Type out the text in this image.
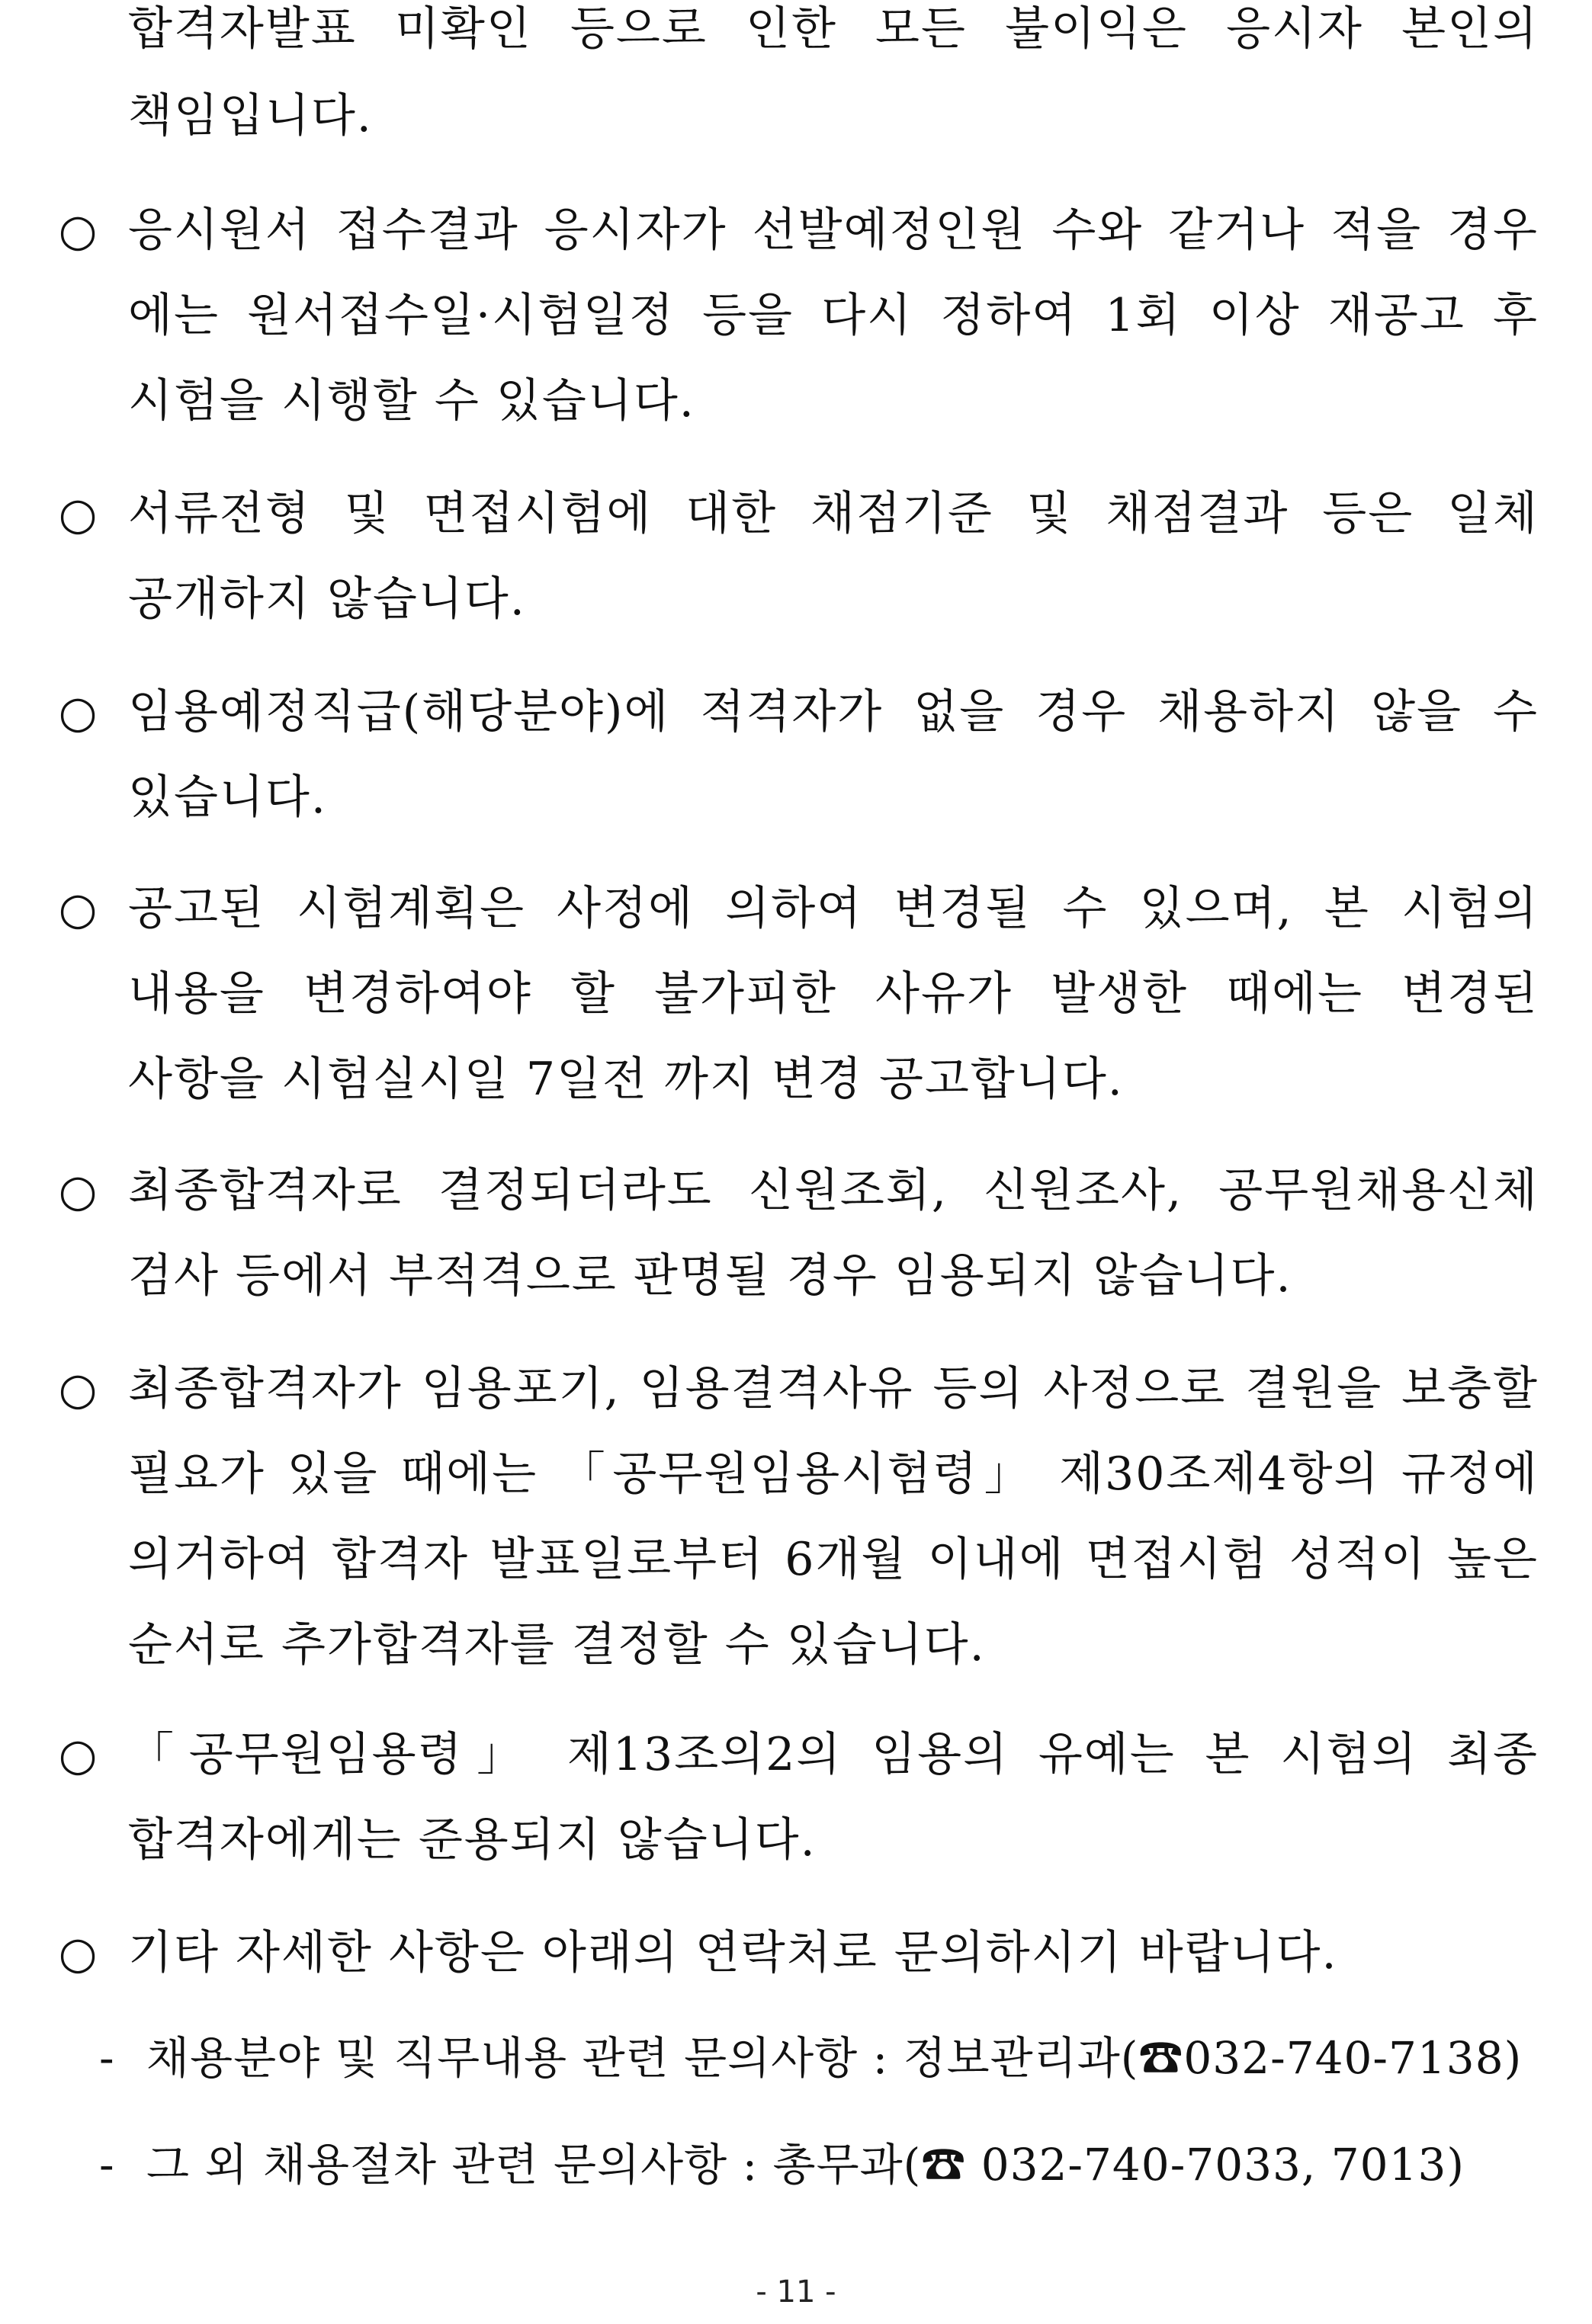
합격자발표 미확인 등으로 인한 모든 불이익은 응시자 본인의
책임입니다.
○ 응시원서 접수결과 응시자가 선발예정인원 수와 같거나 적을 경우
에는 원서접수일·시험일정 등을 다시 정하여 1회 이상 재공고 후
시험을 시행할 수 있습니다.
○ 서류전형 및 면접시험에 대한 채점기준 및 채점결과 등은 일체
공개하지 않습니다.
○ 임용예정직급(해당분야)에 적격자가 없을 경우 채용하지 않을 수
있습니다.
○ 공고된 시험계획은 사정에 의하여 변경될 수 있으며, 본 시험의
내용을 변경하여야 할 불가피한 사유가 발생한 때에는 변경된
사항을 시험실시일 7일전 까지 변경 공고합니다.
○ 최종합격자로 결정되더라도 신원조회, 신원조사, 공무원채용신체
검사 등에서 부적격으로 판명될 경우 임용되지 않습니다.
○ 최종합격자가 임용포기, 임용결격사유 등의 사정으로 결원을 보충할
필요가 있을 때에는 「공무원임용시험령」 제30조제4항의 규정에
의거하여 합격자 발표일로부터 6개월 이내에 면접시험 성적이 높은
순서로 추가합격자를 결정할 수 있습니다.
○ 「공무원임용령」 제13조의2의 임용의 유예는 본 시험의 최종
합격자에게는 준용되지 않습니다.
○ 기타 자세한 사항은 아래의 연락처로 문의하시기 바랍니다.
- 채용분야 및 직무내용 관련 문의사항 : 정보관리과(☎032-740-7138)
- 그 외 채용절차 관련 문의사항 : 총무과(☎ 032-740-7033, 7013)
- 11 -
